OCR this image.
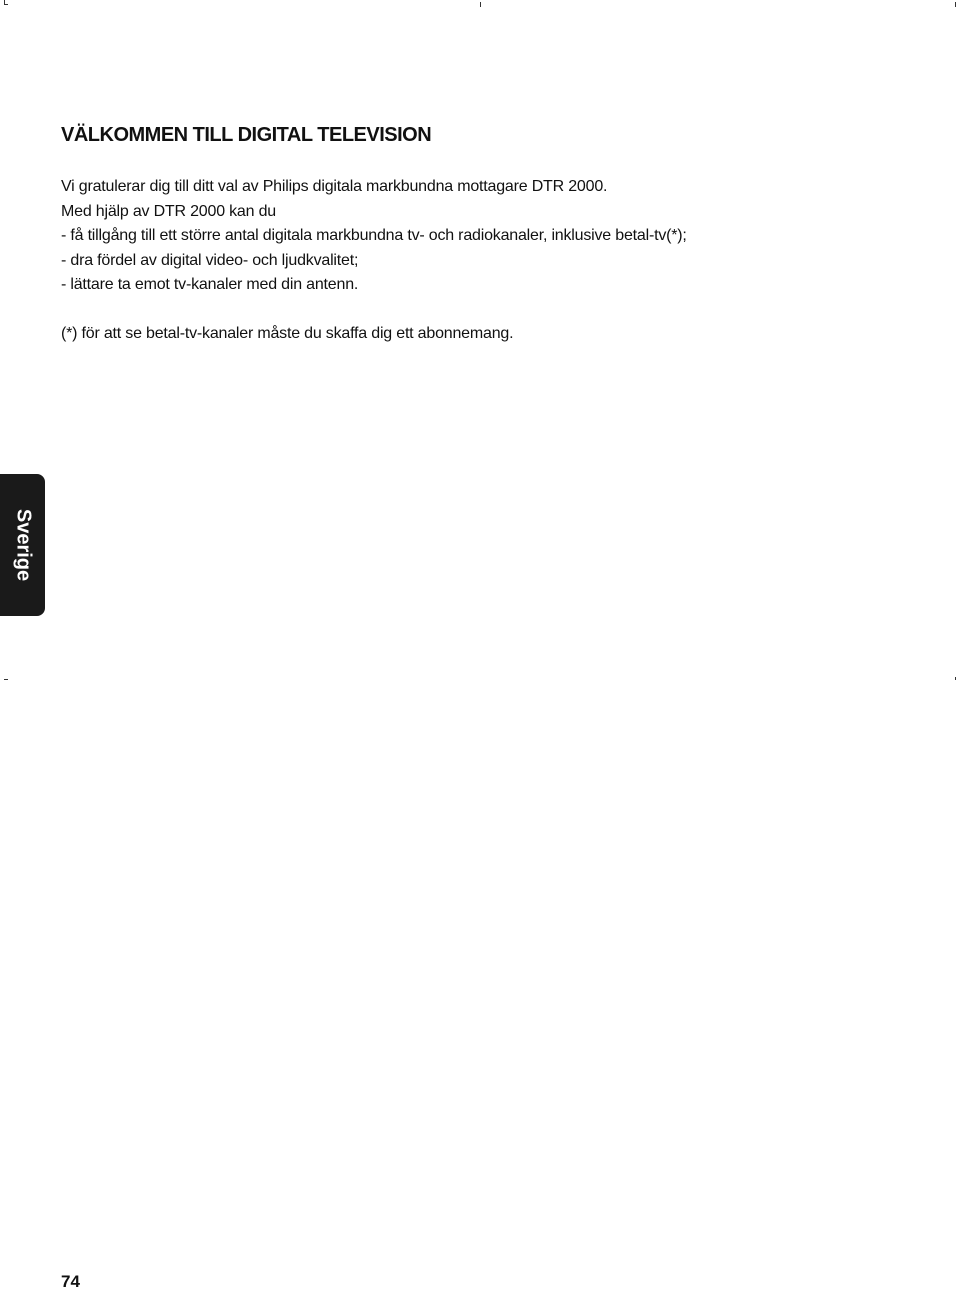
VÄLKOMMEN TILL DIGITAL TELEVISION

Vi gratulerar dig till ditt val av Philips digitala markbundna mottagare DTR 2000.

Med hjälp av DTR 2000 kan du

- få tillgång till ett större antal digitala markbundna tv- och radiokanaler, inklusive betal-tv(*);

- dra fördel av digital video- och ljudkvalitet;

- lättare ta emot tv-kanaler med din antenn.

(*) för att se betal-tv-kanaler måste du skaffa dig ett abonnemang.

Sverige
74
